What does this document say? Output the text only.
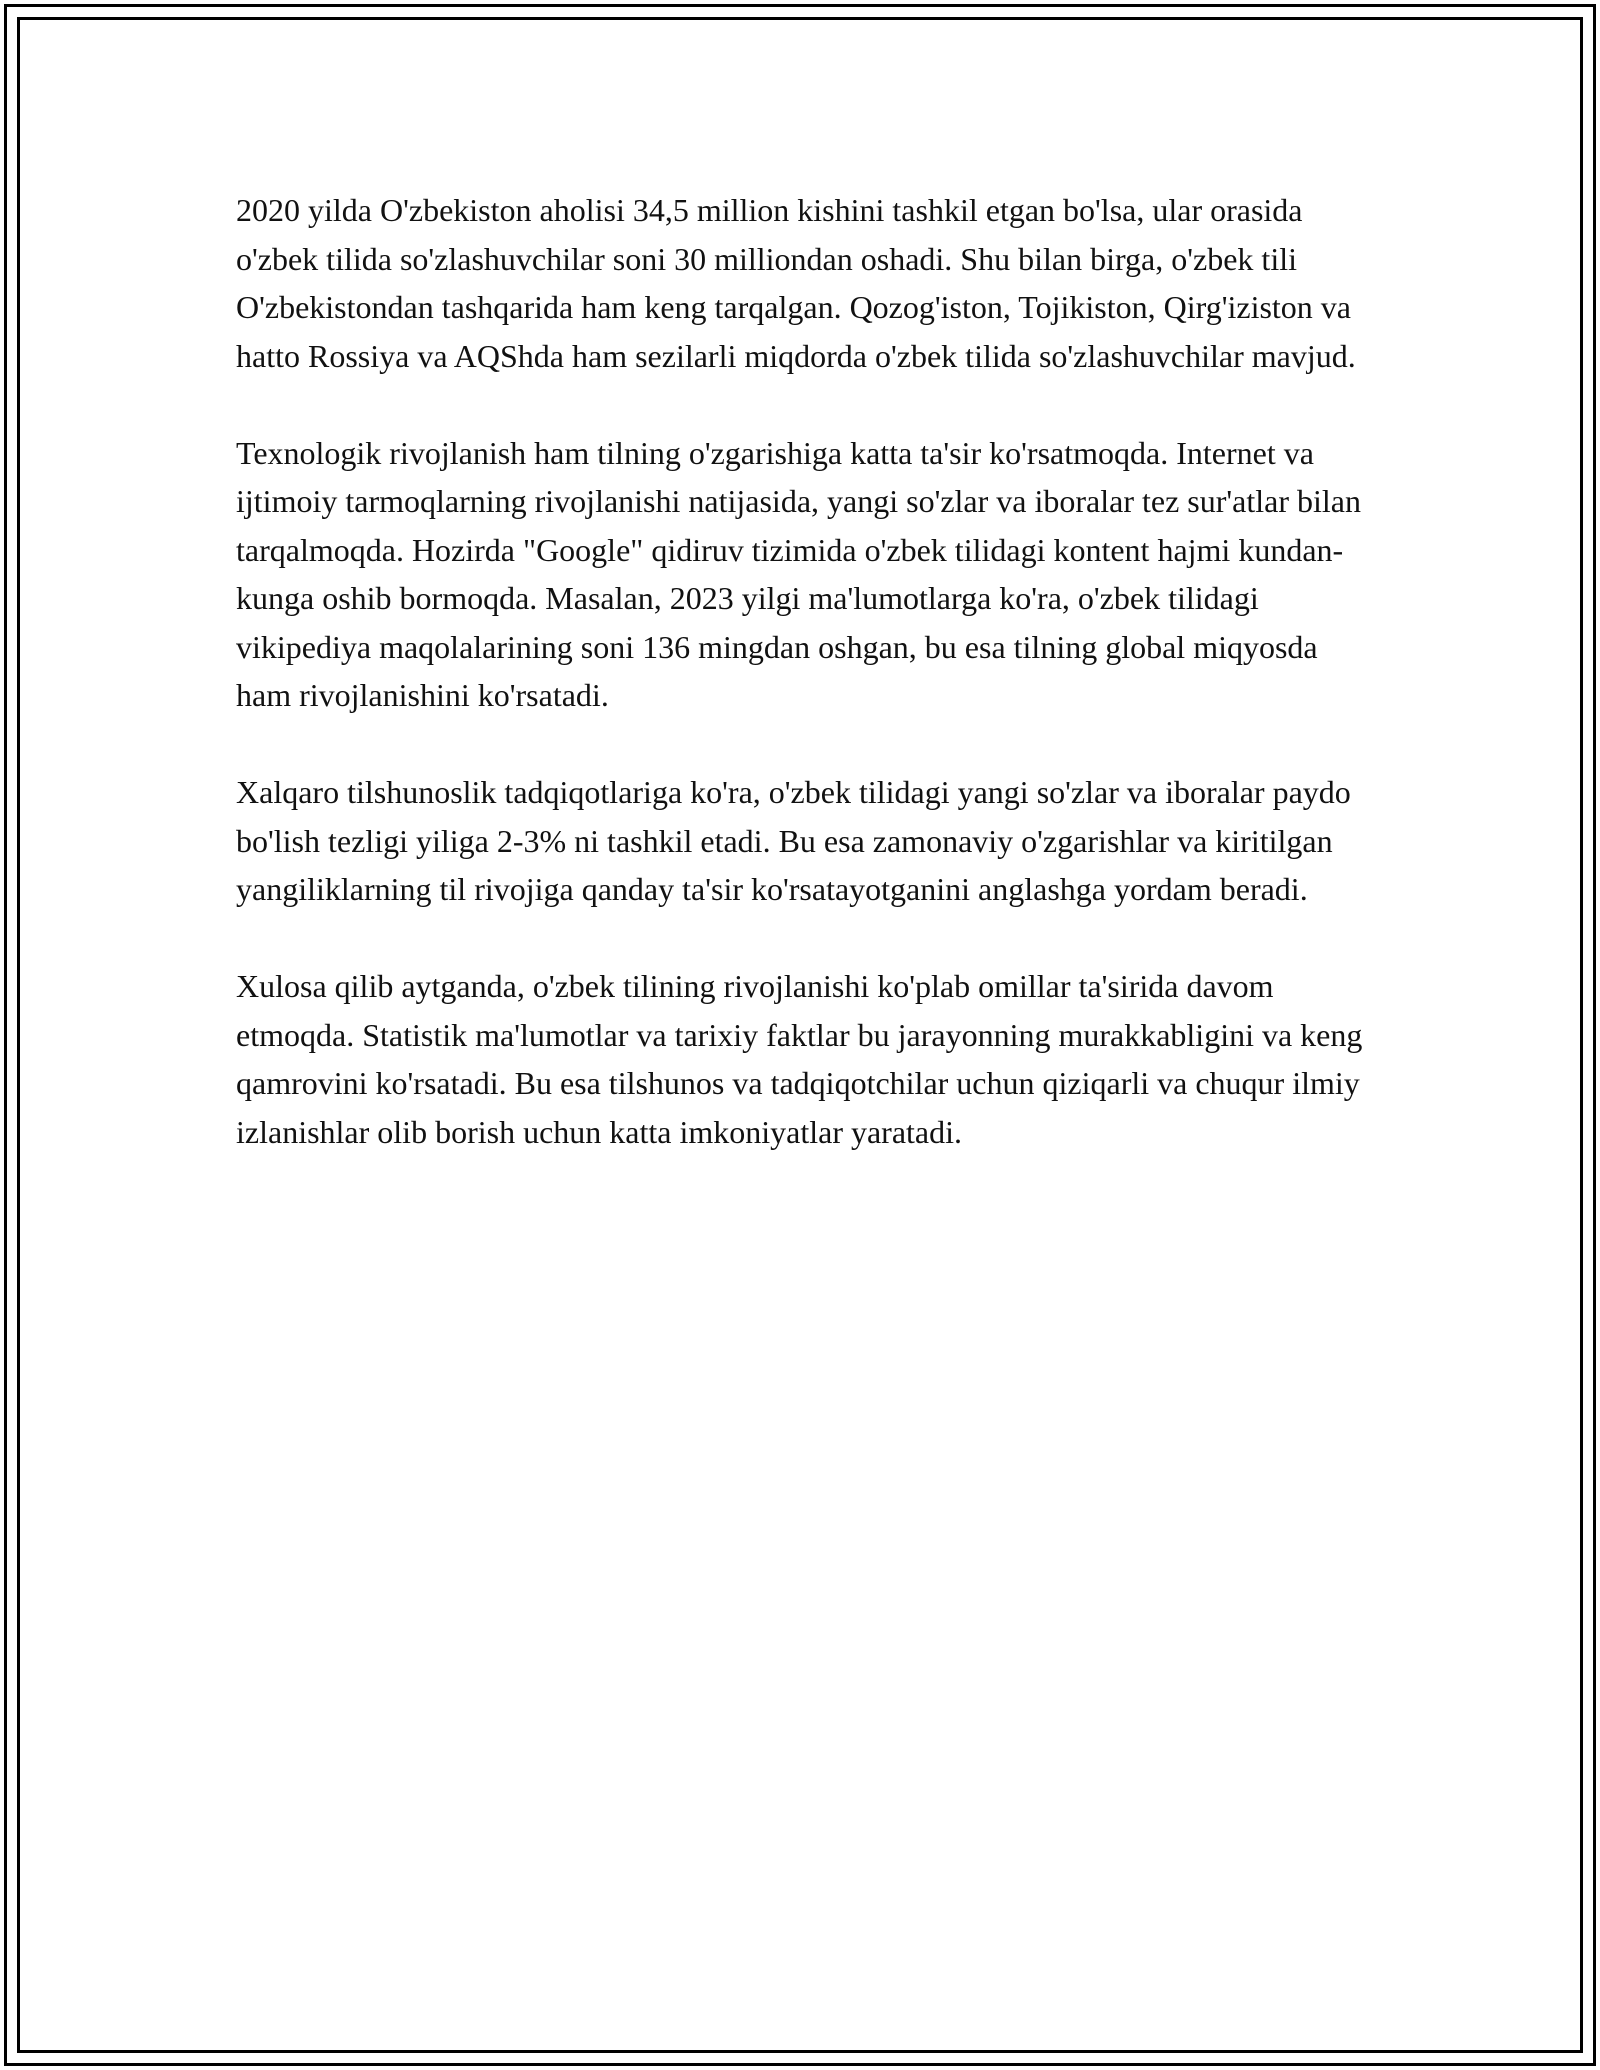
2020 yilda O'zbekiston aholisi 34,5 million kishini tashkil etgan bo'lsa, ular orasida o'zbek tilida so'zlashuvchilar soni 30 milliondan oshadi. Shu bilan birga, o'zbek tili O'zbekistondan tashqarida ham keng tarqalgan. Qozog'iston, Tojikiston, Qirg'iziston va hatto Rossiya va AQShda ham sezilarli miqdorda o'zbek tilida so'zlashuvchilar mavjud.

Texnologik rivojlanish ham tilning o'zgarishiga katta ta'sir ko'rsatmoqda. Internet va ijtimoiy tarmoqlarning rivojlanishi natijasida, yangi so'zlar va iboralar tez sur'atlar bilan tarqalmoqda. Hozirda "Google" qidiruv tizimida o'zbek tilidagi kontent hajmi kundan-kunga oshib bormoqda. Masalan, 2023 yilgi ma'lumotlarga ko'ra, o'zbek tilidagi vikipediya maqolalarining soni 136 mingdan oshgan, bu esa tilning global miqyosda ham rivojlanishini ko'rsatadi.

Xalqaro tilshunoslik tadqiqotlariga ko'ra, o'zbek tilidagi yangi so'zlar va iboralar paydo bo'lish tezligi yiliga 2-3% ni tashkil etadi. Bu esa zamonaviy o'zgarishlar va kiritilgan yangiliklarning til rivojiga qanday ta'sir ko'rsatayotganini anglashga yordam beradi.

Xulosa qilib aytganda, o'zbek tilining rivojlanishi ko'plab omillar ta'sirida davom etmoqda. Statistik ma'lumotlar va tarixiy faktlar bu jarayonning murakkabligini va keng qamrovini ko'rsatadi. Bu esa tilshunos va tadqiqotchilar uchun qiziqarli va chuqur ilmiy izlanishlar olib borish uchun katta imkoniyatlar yaratadi.
